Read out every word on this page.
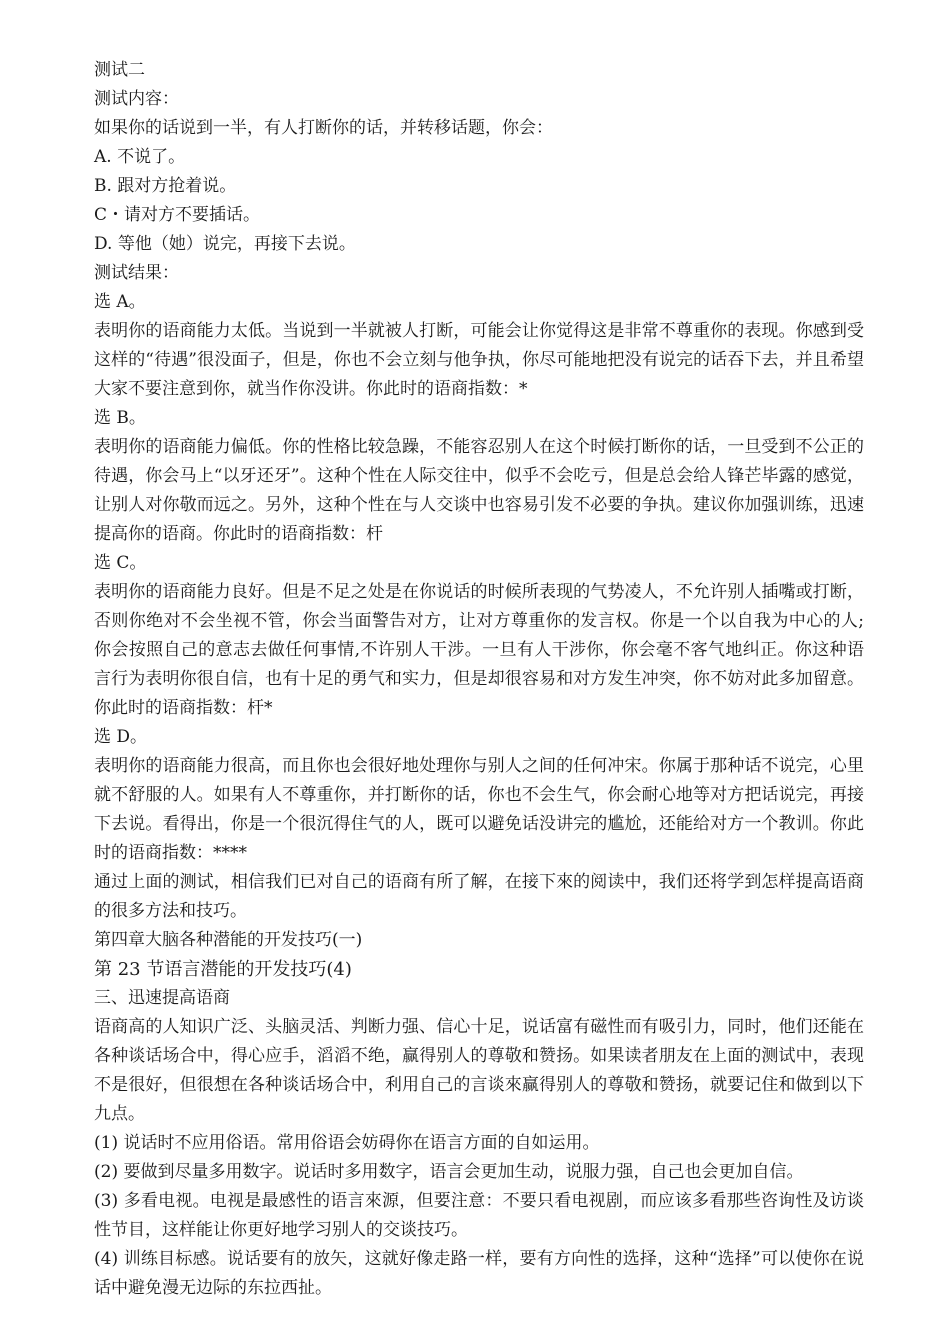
测试二
测试内容：
如果你的话说到一半，有人打断你的话，并转移话题，你会：
A. 不说了。
B. 跟对方抢着说。
C・请对方不要插话。
D. 等他（她）说完，再接下去说。
测试结果：
选 A。
表明你的语商能力太低。当说到一半就被人打断，可能会让你觉得这是非常不尊重你的表现。你感到受这样的“待遇”很没面子，但是，你也不会立刻与他争执，你尽可能地把没有说完的话吞下去，并且希望大家不要注意到你，就当作你没讲。你此时的语商指数：*
选 B。
表明你的语商能力偏低。你的性格比较急躁，不能容忍别人在这个时候打断你的话，一旦受到不公正的待遇，你会马上“以牙还牙”。这种个性在人际交往中，似乎不会吃亏，但是总会给人锋芒毕露的感觉，让别人对你敬而远之。另外，这种个性在与人交谈中也容易引发不必要的争执。建议你加强训练，迅速提高你的语商。你此时的语商指数：杆
选 C。
表明你的语商能力良好。但是不足之处是在你说话的时候所表现的气势凌人，不允许别人插嘴或打断，否则你绝对不会坐视不管，你会当面警告对方，让对方尊重你的发言权。你是一个以自我为中心的人;你会按照自己的意志去做任何事情,不许别人干涉。一旦有人干涉你，你会毫不客气地纠正。你这种语言行为表明你很自信，也有十足的勇气和实力，但是却很容易和对方发生冲突，你不妨对此多加留意。你此时的语商指数：杆*
选 D。
表明你的语商能力很高，而且你也会很好地处理你与别人之间的任何冲宋。你属于那种话不说完，心里就不舒服的人。如果有人不尊重你，并打断你的话，你也不会生气，你会耐心地等对方把话说完，再接下去说。看得出，你是一个很沉得住气的人，既可以避免话没讲完的尴尬，还能给对方一个教训。你此时的语商指数：****
通过上面的测试，相信我们已对自己的语商有所了解，在接下來的阅读中，我们还将学到怎样提高语商的很多方法和技巧。
第四章大脑各种潜能的开发技巧(一)
第 23 节语言潜能的开发技巧(4)
三、迅速提高语商
语商高的人知识广泛、头脑灵活、判断力强、信心十足，说话富有磁性而有吸引力，同时，他们还能在各种谈话场合中，得心应手，滔滔不绝，赢得别人的尊敬和赞扬。如果读者朋友在上面的测试中，表现不是很好，但很想在各种谈话场合中，利用自己的言谈來赢得别人的尊敬和赞扬，就要记住和做到以下九点。
(1) 说话时不应用俗语。常用俗语会妨碍你在语言方面的自如运用。
(2) 要做到尽量多用数字。说话时多用数字，语言会更加生动，说服力强，自己也会更加自信。
(3) 多看电视。电视是最感性的语言來源，但要注意：不要只看电视剧，而应该多看那些咨询性及访谈性节目，这样能让你更好地学习别人的交谈技巧。
(4) 训练目标感。说话要有的放矢，这就好像走路一样，要有方向性的选择，这种“选择”可以使你在说话中避免漫无边际的东拉西扯。
